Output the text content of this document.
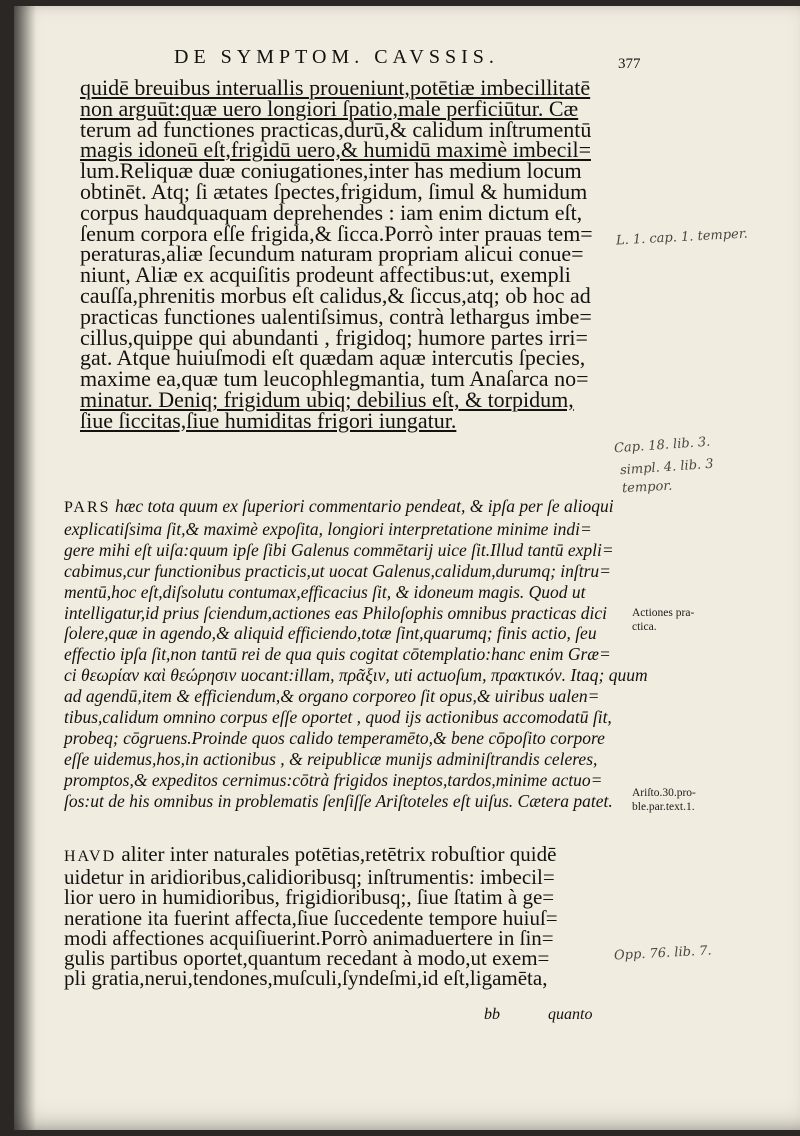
DE SYMPTOM. CAVSSIS.	377
quidē breuibus interuallis proueniunt,potētiæ imbecillitatē
non arguūt:quæ uero longiori ſpatio,male perficiūtur. Cæ
terum ad functiones practicas,durū,& calidum inſtrumentū
magis idoneū eſt,frigidū uero,& humidū maximè imbecil=
lum.Reliquæ duæ coniugationes,inter has medium locum
obtinēt. Atq; ſi ætates ſpectes,frigidum, ſimul & humidum
corpus haudquaquam deprehendes : iam enim dictum eſt,
ſenum corpora eſſe frigida,& ſicca.Porrò inter prauas tem=
peraturas,aliæ ſecundum naturam propriam alicui conue=
niunt, Aliæ ex acquiſitis prodeunt affectibus:ut, exempli
cauſſa,phrenitis morbus eſt calidus,& ſiccus,atq; ob hoc ad
practicas functiones ualentiſsimus, contrà lethargus imbe=
cillus,quippe qui abundanti , frigidoq; humore partes irri=
gat. Atque huiuſmodi eſt quædam aquæ intercutis ſpecies,
maxime ea,quæ tum leucophlegmantia, tum Anaſarca no=
minatur. Deniq; frigidum ubiq; debilius eſt, & torpidum,
ſiue ſiccitas,ſiue humiditas frigori iungatur.
PARS hæc tota quum ex ſuperiori commentario pendeat, & ipſa per ſe alioqui
explicatiſsima ſit,& maximè expoſita, longiori interpretatione minime indi=
gere mihi eſt uiſa:quum ipſe ſibi Galenus commētarij uice ſit.Illud tantū expli=
cabimus,cur functionibus practicis,ut uocat Galenus,calidum,durumq; inſtru=
mentū,hoc eſt,diſsolutu contumax,efficacius ſit, & idoneum magis. Quod ut
intelligatur,id prius ſciendum,actiones eas Philoſophis omnibus practicas dici
ſolere,quæ in agendo,& aliquid efficiendo,totæ ſint,quarumq; finis actio, ſeu
effectio ipſa ſit,non tantū rei de qua quis cogitat cōtemplatio:hanc enim Græ=
ci θεωρίαν καὶ θεώρησιν uocant:illam, πρᾶξιν, uti actuoſum, πρακτικόν. Itaq; quum
ad agendū,item & efficiendum,& organo corporeo ſit opus,& uiribus ualen=
tibus,calidum omnino corpus eſſe oportet , quod ijs actionibus accomodatū ſit,
probeq; cōgruens.Proinde quos calido temperamēto,& bene cōpoſito corpore
eſſe uidemus,hos,in actionibus , & reipublicæ munijs adminiſtrandis celeres,
promptos,& expeditos cernimus:cōtrà frigidos ineptos,tardos,minime actuo=
ſos:ut de his omnibus in problematis ſenſiſſe Ariſtoteles eſt uiſus. Cætera patet.
HAVD aliter inter naturales potētias,retētrix robuſtior quidē
uidetur in aridioribus,calidioribusq; inſtrumentis: imbecil=
lior uero in humidioribus, frigidioribusq;, ſiue ſtatim à ge=
neratione ita fuerint affecta,ſiue ſuccedente tempore huiuſ=
modi affectiones acquiſiuerint.Porrò animaduertere in ſin=
gulis partibus oportet,quantum recedant à modo,ut exem=
pli gratia,nerui,tendones,muſculi,ſyndeſmi,id eſt,ligamēta,
Actiones pra-
ctica.
Ariſto.30.pro-
ble.par.text.1.
L. 1. cap. 1. temper.
Cap. 18. lib. 3.
simpl. 4. lib. 3
tempor.
Opp. 76. lib. 7.
bb	quanto
